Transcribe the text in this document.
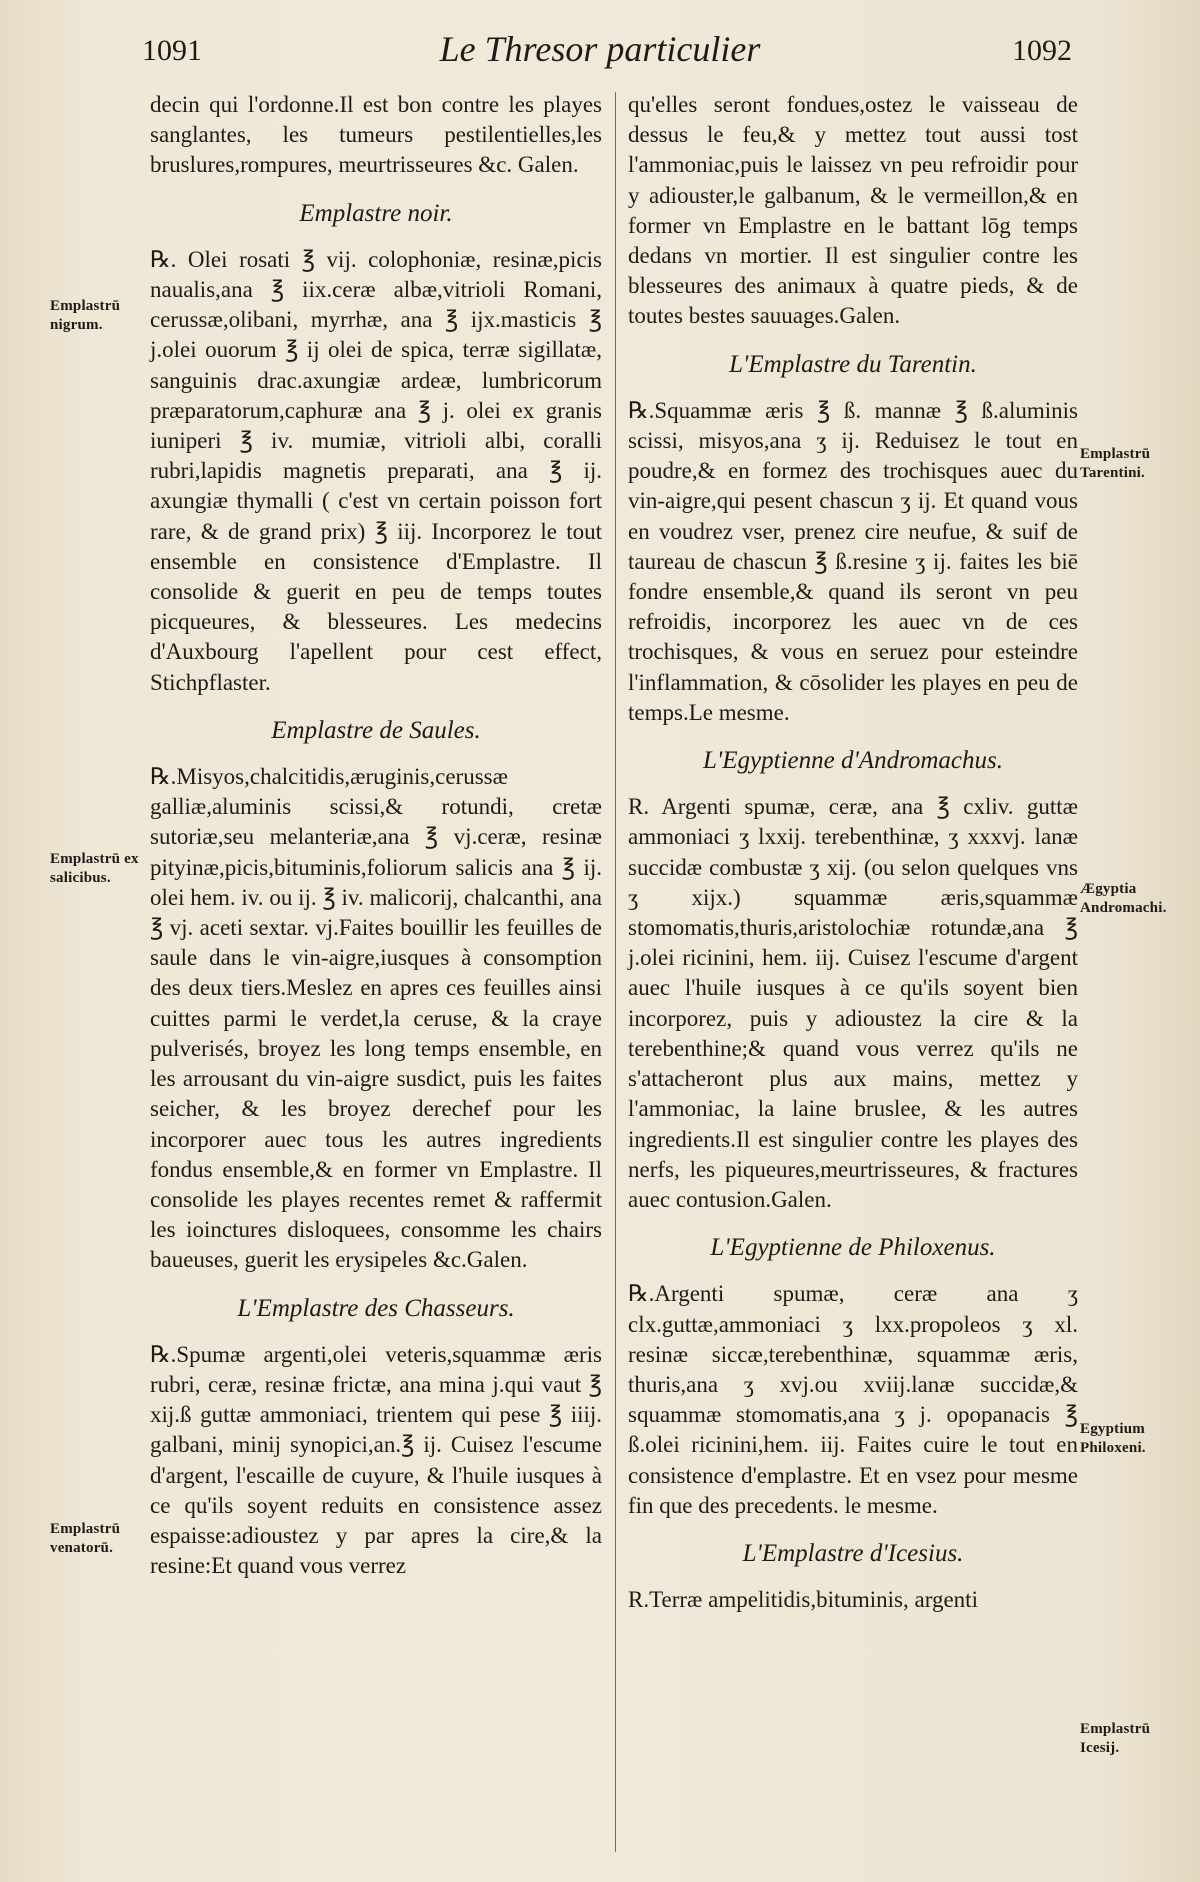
1091	Le Thresor particulier	1092

decin qui l'ordonne.Il est bon contre les playes sanglantes, les tumeurs pestilentielles,les bruslures,rompures, meurtrisseures &c. Galen.

Emplastre noir.

℞. Olei rosati ℥ vij. colophoniæ, resinæ,picis naualis,ana ℥ iix.ceræ albæ,vitrioli Romani, cerussæ,olibani, myrrhæ, ana ℥ ijx.masticis ℥ j.olei ouorum ℥ ij olei de spica, terræ sigillatæ, sanguinis drac.axungiæ ardeæ, lumbricorum præparatorum,caphuræ ana ℥ j. olei ex granis iuniperi ℥ iv. mumiæ, vitrioli albi, coralli rubri,lapidis magnetis preparati, ana ℥ ij. axungiæ thymalli ( c'est vn certain poisson fort rare, & de grand prix) ℥ iij. Incorporez le tout ensemble en consistence d'Emplastre. Il consolide & guerit en peu de temps toutes picqueures, & blesseures. Les medecins d'Auxbourg l'apellent pour cest effect, Stichpflaster.

Emplastre de Saules.

℞.Misyos,chalcitidis,æruginis,cerussæ galliæ,aluminis scissi,& rotundi, cretæ sutoriæ,seu melanteriæ,ana ℥ vj.ceræ, resinæ pityinæ,picis,bituminis,foliorum salicis ana ℥ ij. olei hem. iv. ou ij. ℥ iv. malicorij, chalcanthi, ana ℥ vj. aceti sextar. vj.Faites bouillir les feuilles de saule dans le vin-aigre,iusques à consomption des deux tiers.Meslez en apres ces feuilles ainsi cuittes parmi le verdet,la ceruse, & la craye pulverisés, broyez les long temps ensemble, en les arrousant du vin-aigre susdict, puis les faites seicher, & les broyez derechef pour les incorporer auec tous les autres ingredients fondus ensemble,& en former vn Emplastre. Il consolide les playes recentes remet & raffermit les ioinctures disloquees, consomme les chairs baueuses, guerit les erysipeles &c.Galen.

L'Emplastre des Chasseurs.

℞.Spumæ argenti,olei veteris,squammæ æris rubri, ceræ, resinæ frictæ, ana mina j.qui vaut ℥ xij.ß guttæ ammoniaci, trientem qui pese ℥ iiij. galbani, minij synopici,an.℥ ij. Cuisez l'escume d'argent, l'escaille de cuyure, & l'huile iusques à ce qu'ils soyent reduits en consistence assez espaisse:adioustez y par apres la cire,& la resine:Et quand vous verrez

qu'elles seront fondues,ostez le vaisseau de dessus le feu,& y mettez tout aussi tost l'ammoniac,puis le laissez vn peu refroidir pour y adiouster,le galbanum, & le vermeillon,& en former vn Emplastre en le battant lōg temps dedans vn mortier. Il est singulier contre les blesseures des animaux à quatre pieds, & de toutes bestes sauuages.Galen.

L'Emplastre du Tarentin.

℞.Squammæ æris ℥ ß. mannæ ℥ ß.aluminis scissi, misyos,ana ʒ ij. Reduisez le tout en poudre,& en formez des trochisques auec du vin-aigre,qui pesent chascun ʒ ij. Et quand vous en voudrez vser, prenez cire neufue, & suif de taureau de chascun ℥ ß.resine ʒ ij. faites les biē fondre ensemble,& quand ils seront vn peu refroidis, incorporez les auec vn de ces trochisques, & vous en seruez pour esteindre l'inflammation, & cōsolider les playes en peu de temps.Le mesme.

L'Egyptienne d'Andromachus.

R. Argenti spumæ, ceræ, ana ℥ cxliv. guttæ ammoniaci ʒ lxxij. terebenthinæ, ʒ xxxvj. lanæ succidæ combustæ ʒ xij. (ou selon quelques vns ʒ xijx.) squammæ æris,squammæ stomomatis,thuris,aristolochiæ rotundæ,ana ℥ j.olei ricinini, hem. iij. Cuisez l'escume d'argent auec l'huile iusques à ce qu'ils soyent bien incorporez, puis y adioustez la cire & la terebenthine;& quand vous verrez qu'ils ne s'attacheront plus aux mains, mettez y l'ammoniac, la laine bruslee, & les autres ingredients.Il est singulier contre les playes des nerfs, les piqueures,meurtrisseures, & fractures auec contusion.Galen.

L'Egyptienne de Philoxenus.

℞.Argenti spumæ, ceræ ana ʒ clx.guttæ,ammoniaci ʒ lxx.propoleos ʒ xl. resinæ siccæ,terebenthinæ, squammæ æris, thuris,ana ʒ xvj.ou xviij.lanæ succidæ,& squammæ stomomatis,ana ʒ j. opopanacis ℥ ß.olei ricinini,hem. iij. Faites cuire le tout en consistence d'emplastre. Et en vsez pour mesme fin que des precedents. le mesme.

L'Emplastre d'Icesius.

R.Terræ ampelitidis,bituminis, argenti

Emplastrū nigrum.
Emplastrū ex salicibus.
Emplastrū venatorū.
Emplastrū Tarentini.
Ægyptia Andromachi.
Egyptium Philoxeni.
Emplastrū Icesij.
